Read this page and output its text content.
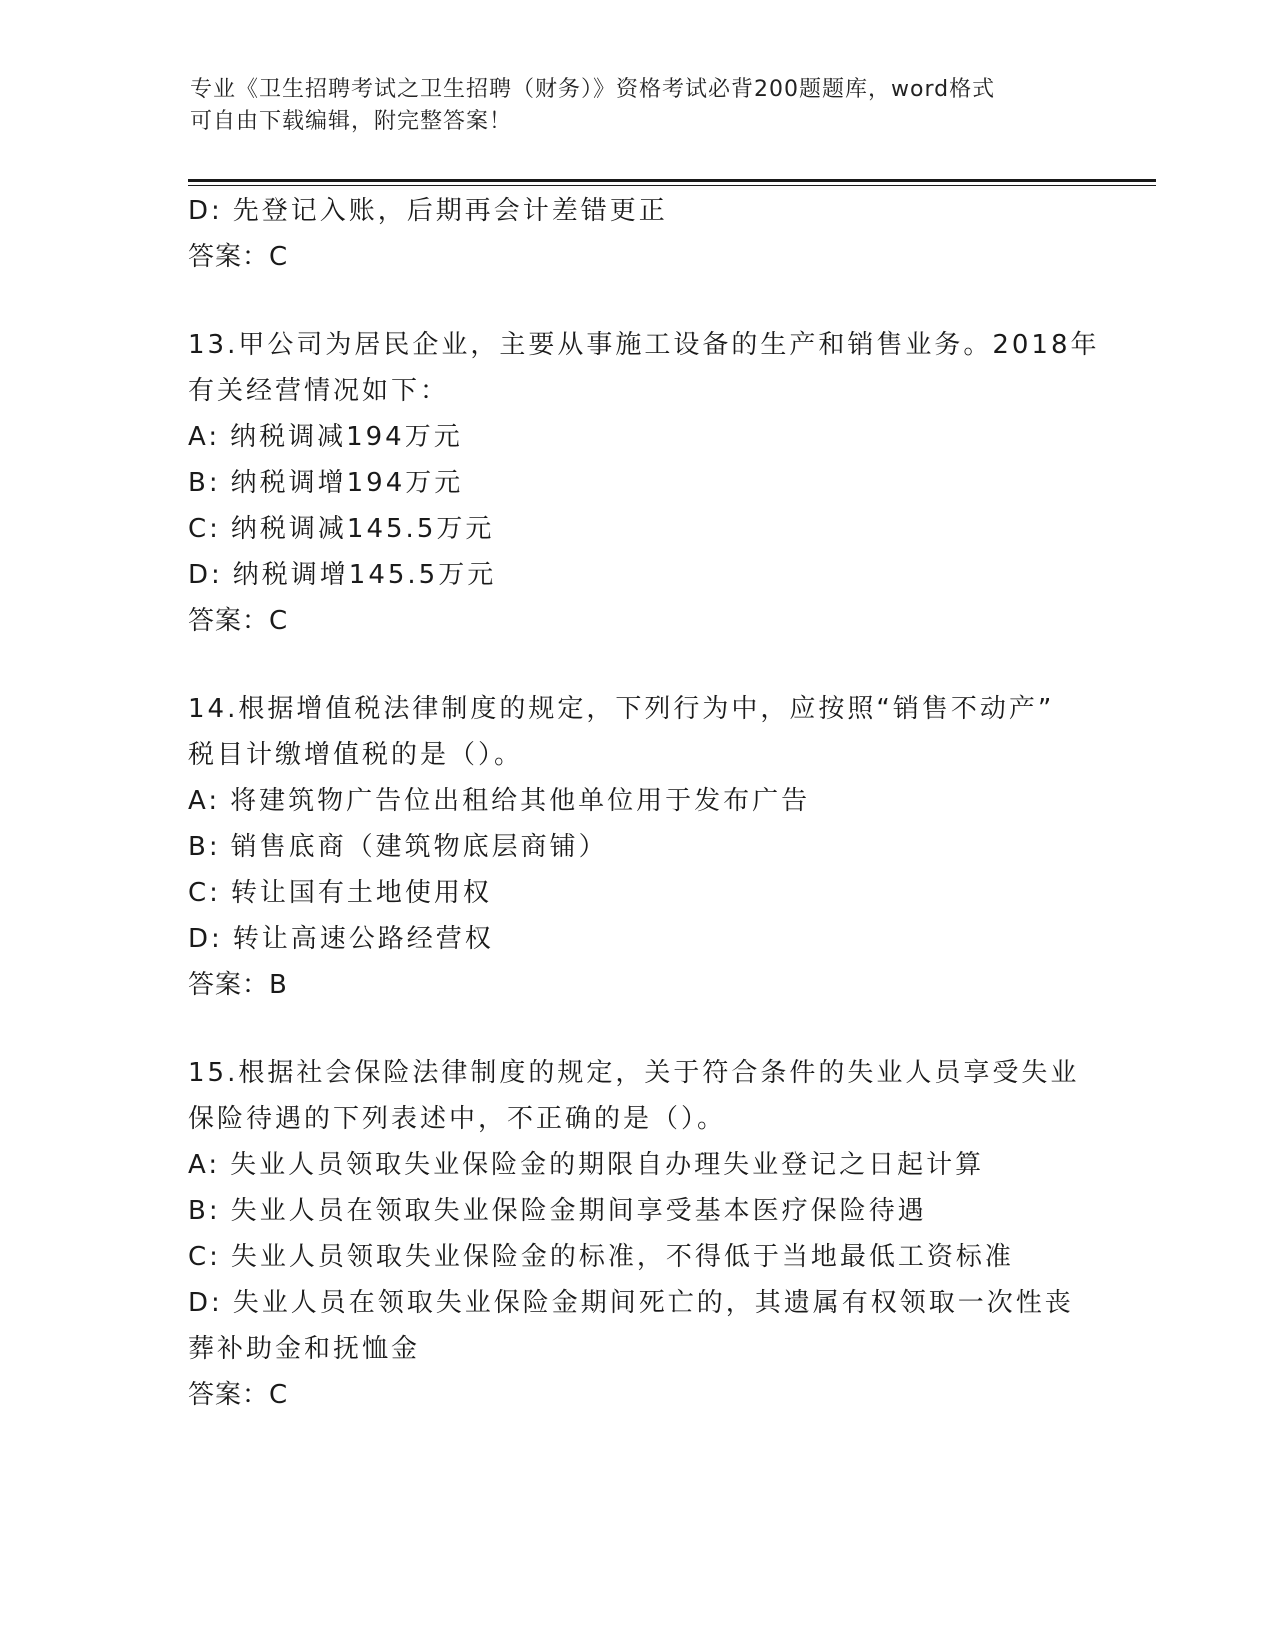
专业《卫生招聘考试之卫生招聘（财务）》资格考试必背200题题库，word格式
可自由下载编辑，附完整答案！
D: 先登记入账，后期再会计差错更正
答案：C
13.甲公司为居民企业，主要从事施工设备的生产和销售业务。2018年
有关经营情况如下：
A: 纳税调减194万元
B: 纳税调增194万元
C: 纳税调减145.5万元
D: 纳税调增145.5万元
答案：C
14.根据增值税法律制度的规定，下列行为中，应按照“销售不动产”
税目计缴增值税的是（）。
A: 将建筑物广告位出租给其他单位用于发布广告
B: 销售底商（建筑物底层商铺）
C: 转让国有土地使用权
D: 转让高速公路经营权
答案：B
15.根据社会保险法律制度的规定，关于符合条件的失业人员享受失业
保险待遇的下列表述中，不正确的是（）。
A: 失业人员领取失业保险金的期限自办理失业登记之日起计算
B: 失业人员在领取失业保险金期间享受基本医疗保险待遇
C: 失业人员领取失业保险金的标准，不得低于当地最低工资标准
D: 失业人员在领取失业保险金期间死亡的，其遗属有权领取一次性丧
葬补助金和抚恤金
答案：C
